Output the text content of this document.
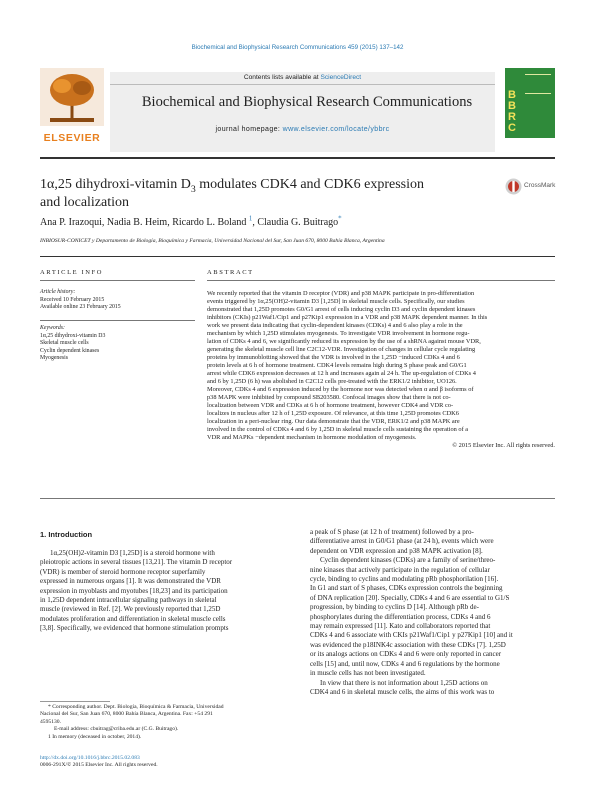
Biochemical and Biophysical Research Communications 459 (2015) 137–142
ELSEVIER
Contents lists available at ScienceDirect
Biochemical and Biophysical Research Communications
journal homepage: www.elsevier.com/locate/ybbrc
B
B
R
C
1α,25 dihydroxi-vitamin $D_3$ modulates CDK4 and CDK6 expression
and localization
CrossMark
Ana P. Irazoqui, Nadia B. Heim, Ricardo L. Boland $^1$, Claudia G. Buitrago*
INBIOSUR-CONICET y Departamento de Biología, Bioquímica y Farmacia, Universidad Nacional del Sur, San Juan 670, 8000 Bahía Blanca, Argentina
ARTICLE INFO	ABSTRACT
Article history:
Received 10 February 2015
Available online 23 February 2015
Keywords:
1α,25 dihydroxi-vitamin D3
Skeletal muscle cells
Cyclin dependent kinases
Myogenesis
We recently reported that the vitamin D receptor (VDR) and p38 MAPK participate in pro-differentiation
events triggered by 1α,25(OH)2-vitamin D3 [1,25D] in skeletal muscle cells. Specifically, our studies
demonstrated that 1,25D promotes G0/G1 arrest of cells inducing cyclin D3 and cyclin dependent kinases
inhibitors (CKIs) p21Waf1/Cip1 and p27Kip1 expression in a VDR and p38 MAPK dependent manner. In this
work we present data indicating that cyclin-dependent kinases (CDKs) 4 and 6 also play a role in the
mechanism by which 1,25D stimulates myogenesis. To investigate VDR involvement in hormone regu-
lation of CDKs 4 and 6, we significantly reduced its expression by the use of a shRNA against mouse VDR,
generating the skeletal muscle cell line C2C12-VDR. Investigation of changes in cellular cycle regulating
proteins by immunoblotting showed that the VDR is involved in the 1,25D −induced CDKs 4 and 6
protein levels at 6 h of hormone treatment. CDK4 levels remains high during S phase peak and G0/G1
arrest while CDK6 expression decreases at 12 h and increases again al 24 h. The up-regulation of CDKs 4
and 6 by 1,25D (6 h) was abolished in C2C12 cells pre-treated with the ERK1/2 inhibitor, UO126.
Moreover, CDKs 4 and 6 expression induced by the hormone nor was detected when α and β isoforms of
p38 MAPK were inhibited by compound SB203580. Confocal images show that there is not co-
localization between VDR and CDKs at 6 h of hormone treatment, however CDK4 and VDR co-
localizes in nucleus after 12 h of 1,25D exposure. Of relevance, at this time 1,25D promotes CDK6
localization in a peri-nuclear ring. Our data demonstrate that the VDR, ERK1/2 and p38 MAPK are
involved in the control of CDKs 4 and 6 by 1,25D in skeletal muscle cells sustaining the operation of a
VDR and MAPKs −dependent mechanism in hormone modulation of myogenesis.
© 2015 Elsevier Inc. All rights reserved.
1. Introduction
1α,25(OH)2-vitamin D3 [1,25D] is a steroid hormone with
pleiotropic actions in several tissues [13,21]. The vitamin D receptor
(VDR) is member of steroid hormone receptor superfamily
expressed in numerous organs [1]. It was demonstrated the VDR
expression in myoblasts and myotubes [18,23] and its participation
in 1,25D dependent intracellular signaling pathways in skeletal
muscle (reviewed in Ref. [2]. We previously reported that 1,25D
modulates proliferation and differentiation in skeletal muscle cells
[3,8]. Specifically, we evidenced that hormone stimulation prompts
* Corresponding author. Dept. Biología, Bioquímica & Farmacia, Universidad
Nacional del Sur, San Juan 670, 8000 Bahía Blanca, Argentina. Fax: +54 291
4595130.
E-mail address: cbuitrag@criba.edu.ar (C.G. Buitrago).
1 In memory (deceased in october, 2014).
http://dx.doi.org/10.1016/j.bbrc.2015.02.083
0006-291X/© 2015 Elsevier Inc. All rights reserved.
a peak of S phase (at 12 h of treatment) followed by a pro-
differentiative arrest in G0/G1 phase (at 24 h), events which were
dependent on VDR expression and p38 MAPK activation [8].
Cyclin dependent kinases (CDKs) are a family of serine/threo-
nine kinases that actively participate in the regulation of cellular
cycle, binding to cyclins and modulating pRb phosphorilation [16].
In G1 and start of S phases, CDKs expression controls the beginning
of DNA replication [20]. Specially, CDKs 4 and 6 are essential to G1/S
progression, by binding to cyclins D [14]. Although pRb de-
phosphorylates during the differentiation process, CDKs 4 and 6
may remain expressed [11]. Kato and collaborators reported that
CDKs 4 and 6 associate with CKIs p21Waf1/Cip1 y p27Kip1 [10] and it
was evidenced the p18INK4c association with these CDKs [7]. 1,25D
or its analogs actions on CDKs 4 and 6 were only reported in cancer
cells [15] and, until now, CDKs 4 and 6 regulations by the hormone
in muscle cells has not been investigated.
In view that there is not information about 1,25D actions on
CDK4 and 6 in skeletal muscle cells, the aims of this work was to
